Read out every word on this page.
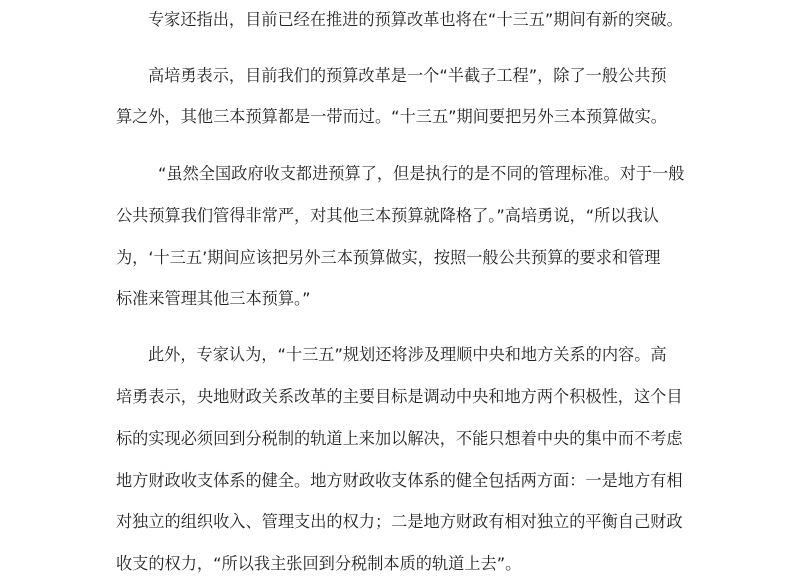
专家还指出，目前已经在推进的预算改革也将在“十三五”期间有新的突破。
高培勇表示，目前我们的预算改革是一个“半截子工程”，除了一般公共预
算之外，其他三本预算都是一带而过。“十三五”期间要把另外三本预算做实。
“虽然全国政府收支都进预算了，但是执行的是不同的管理标准。对于一般
公共预算我们管得非常严，对其他三本预算就降格了。”高培勇说，“所以我认
为，‘十三五’期间应该把另外三本预算做实，按照一般公共预算的要求和管理
标准来管理其他三本预算。”
此外，专家认为，“十三五”规划还将涉及理顺中央和地方关系的内容。高
培勇表示，央地财政关系改革的主要目标是调动中央和地方两个积极性，这个目
标的实现必须回到分税制的轨道上来加以解决，不能只想着中央的集中而不考虑
地方财政收支体系的健全。地方财政收支体系的健全包括两方面：一是地方有相
对独立的组织收入、管理支出的权力；二是地方财政有相对独立的平衡自己财政
收支的权力，“所以我主张回到分税制本质的轨道上去”。
